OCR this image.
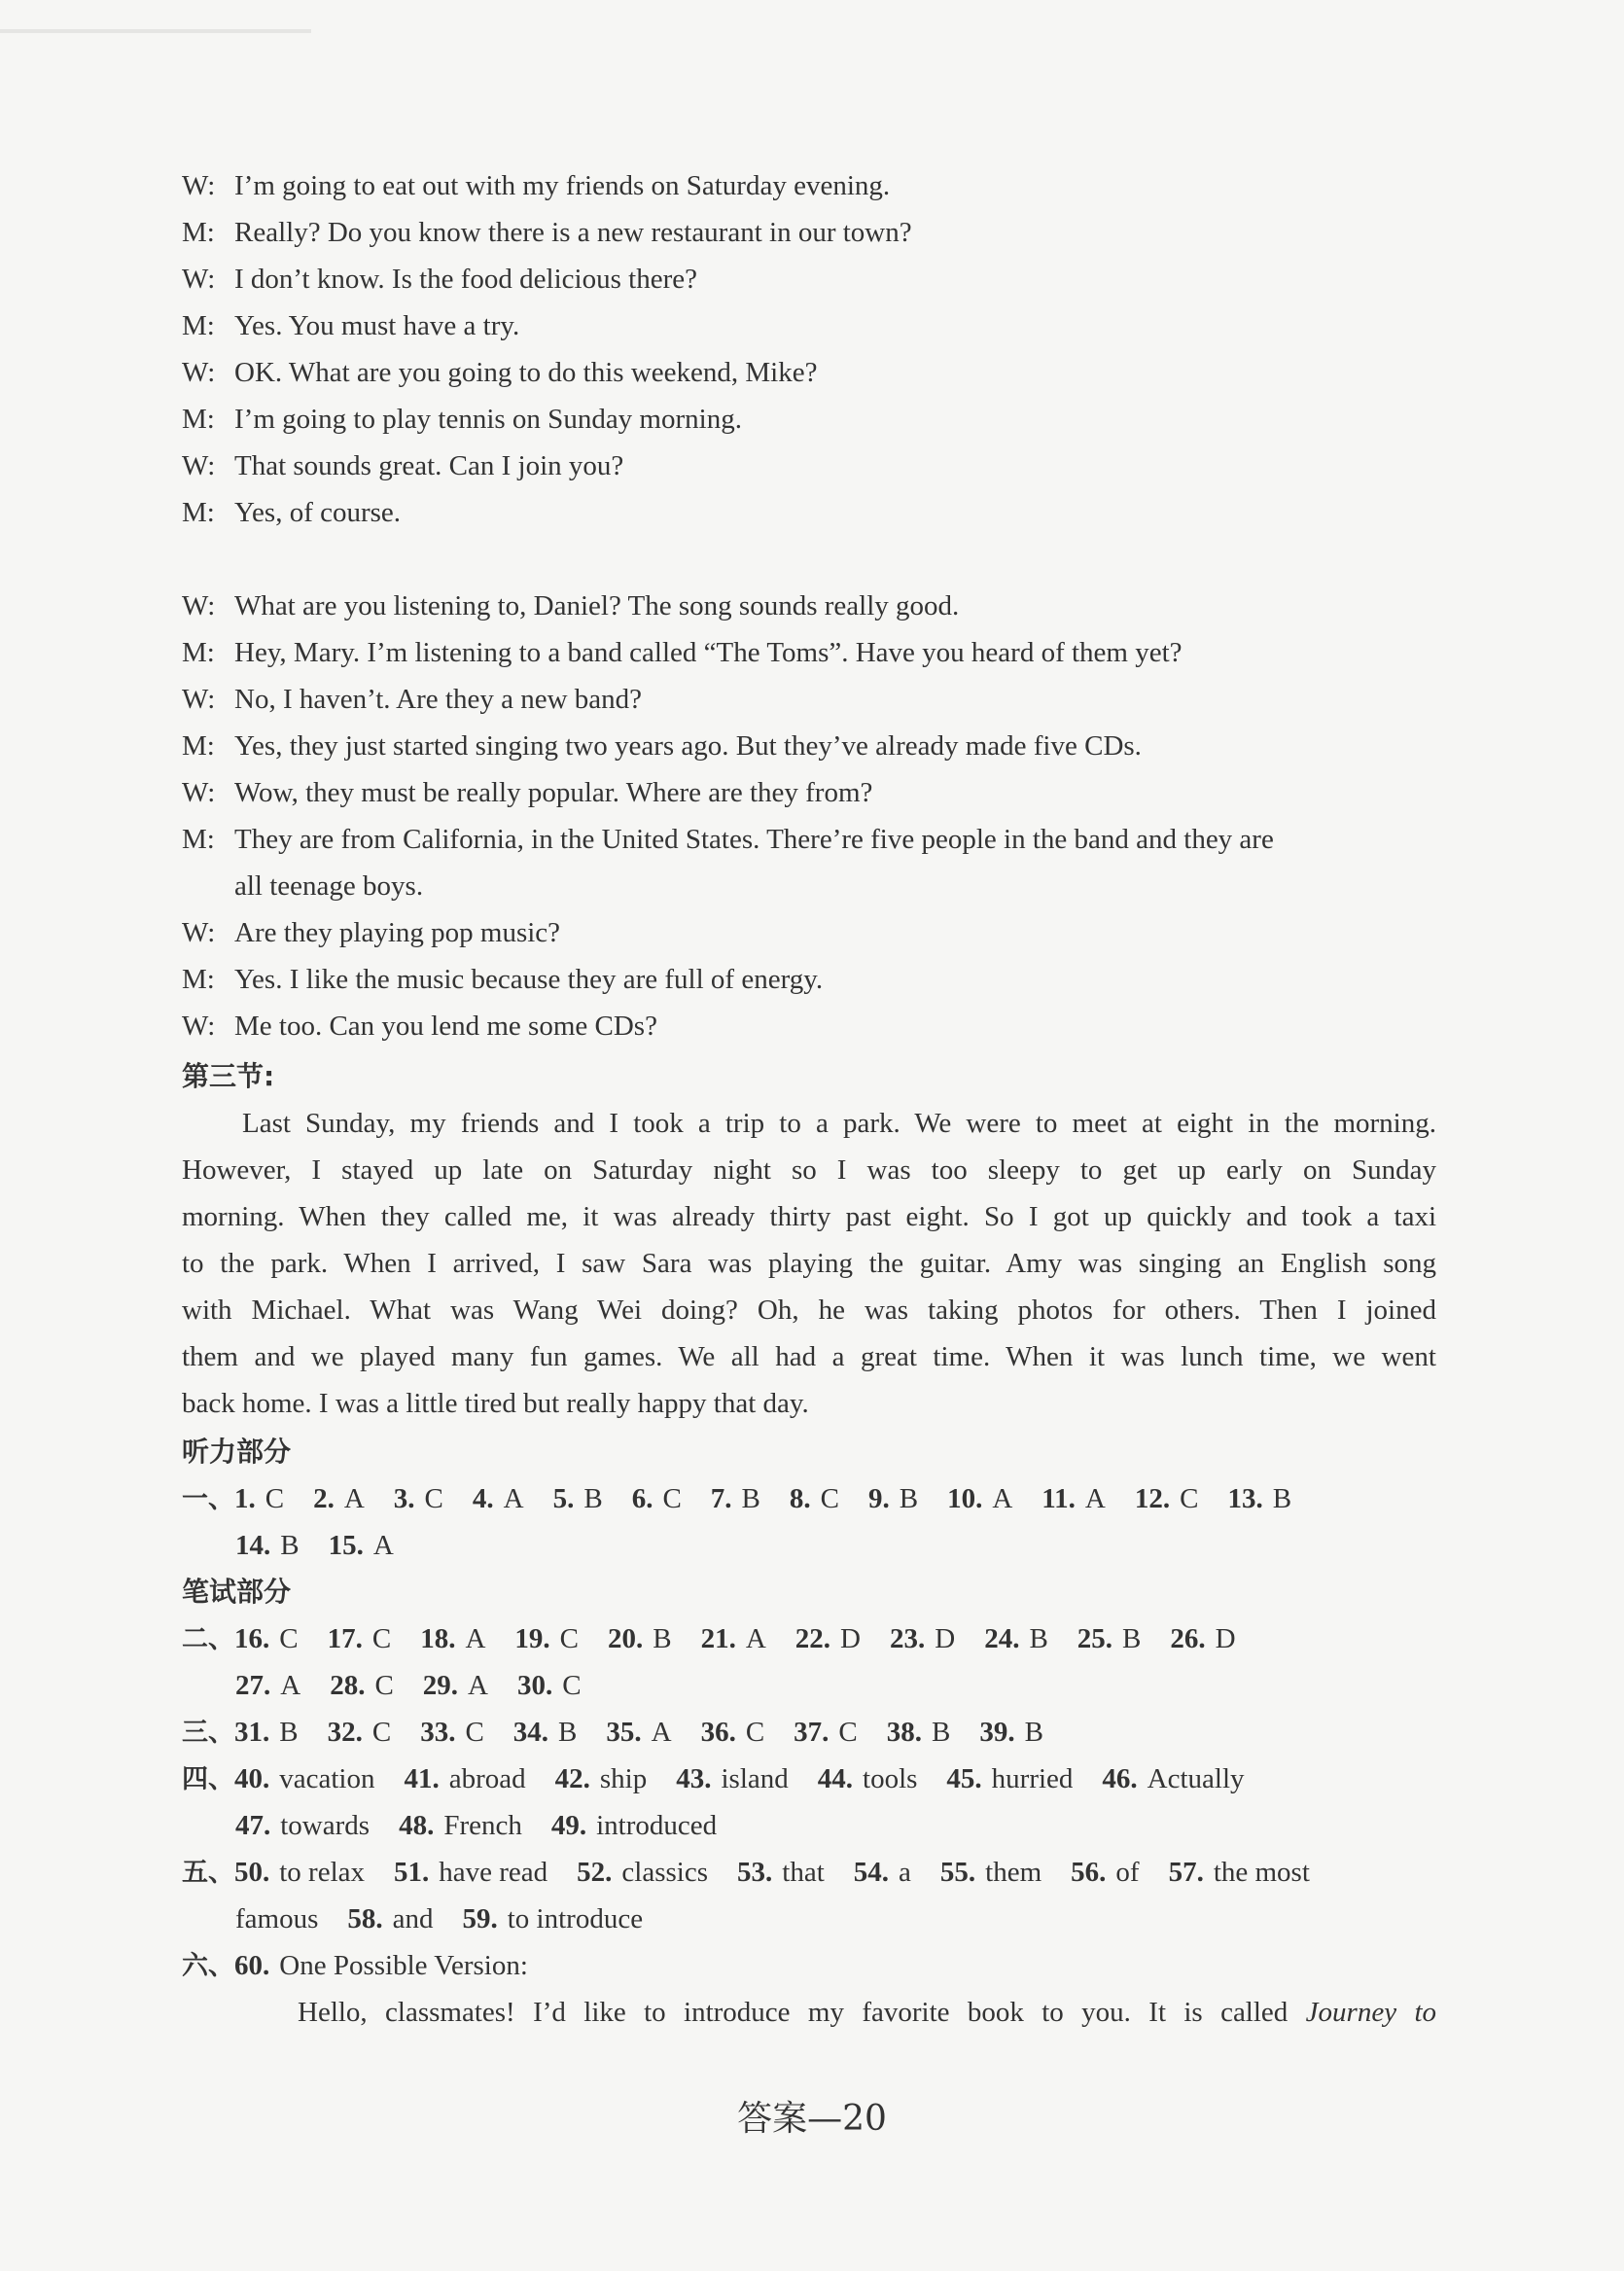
W: I’m going to eat out with my friends on Saturday evening.
M: Really? Do you know there is a new restaurant in our town?
W: I don’t know. Is the food delicious there?
M: Yes. You must have a try.
W: OK. What are you going to do this weekend, Mike?
M: I’m going to play tennis on Sunday morning.
W: That sounds great. Can I join you?
M: Yes, of course.
W: What are you listening to, Daniel? The song sounds really good.
M: Hey, Mary. I’m listening to a band called “The Toms”. Have you heard of them yet?
W: No, I haven’t. Are they a new band?
M: Yes, they just started singing two years ago. But they’ve already made five CDs.
W: Wow, they must be really popular. Where are they from?
M: They are from California, in the United States. There’re five people in the band and they are
all teenage boys.
W: Are they playing pop music?
M: Yes. I like the music because they are full of energy.
W: Me too. Can you lend me some CDs?
第三节:
Last Sunday, my friends and I took a trip to a park. We were to meet at eight in the morning.
However, I stayed up late on Saturday night so I was too sleepy to get up early on Sunday
morning. When they called me, it was already thirty past eight. So I got up quickly and took a taxi
to the park. When I arrived, I saw Sara was playing the guitar. Amy was singing an English song
with Michael. What was Wang Wei doing? Oh, he was taking photos for others. Then I joined
them and we played many fun games. We all had a great time. When it was lunch time, we went
back home. I was a little tired but really happy that day.
听力部分
一、1. C 2. A 3. C 4. A 5. B 6. C 7. B 8. C 9. B 10. A 11. A 12. C 13. B
14. B 15. A
笔试部分
二、16. C 17. C 18. A 19. C 20. B 21. A 22. D 23. D 24. B 25. B 26. D
27. A 28. C 29. A 30. C
三、31. B 32. C 33. C 34. B 35. A 36. C 37. C 38. B 39. B
四、40. vacation 41. abroad 42. ship 43. island 44. tools 45. hurried 46. Actually
47. towards 48. French 49. introduced
五、50. to relax 51. have read 52. classics 53. that 54. a 55. them 56. of 57. the most
famous 58. and 59. to introduce
六、60. One Possible Version:
Hello, classmates! I’d like to introduce my favorite book to you. It is called Journey to
答案—20
